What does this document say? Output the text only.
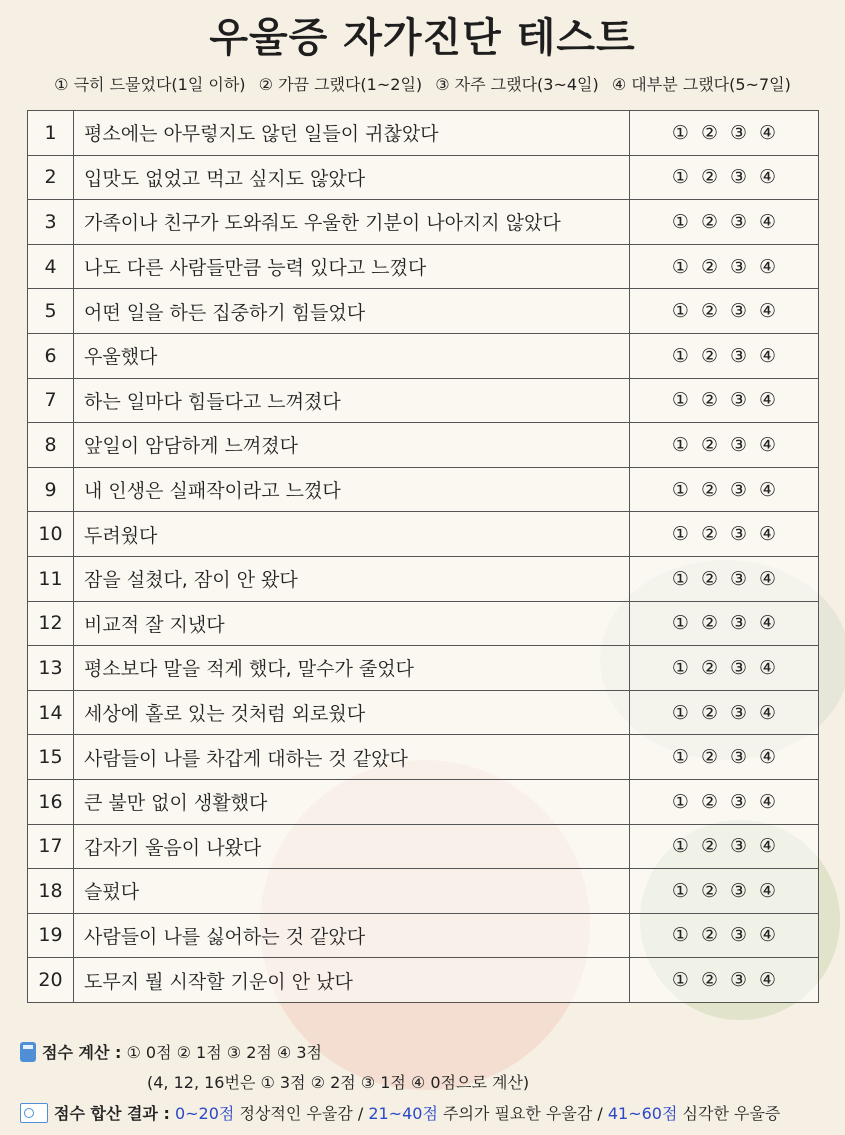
우울증 자가진단 테스트
① 극히 드물었다(1일 이하) ② 가끔 그랬다(1~2일) ③ 자주 그랬다(3~4일) ④ 대부분 그랬다(5~7일)
1	평소에는 아무렇지도 않던 일들이 귀찮았다	① ② ③ ④
2	입맛도 없었고 먹고 싶지도 않았다	① ② ③ ④
3	가족이나 친구가 도와줘도 우울한 기분이 나아지지 않았다	① ② ③ ④
4	나도 다른 사람들만큼 능력 있다고 느꼈다	① ② ③ ④
5	어떤 일을 하든 집중하기 힘들었다	① ② ③ ④
6	우울했다	① ② ③ ④
7	하는 일마다 힘들다고 느껴졌다	① ② ③ ④
8	앞일이 암담하게 느껴졌다	① ② ③ ④
9	내 인생은 실패작이라고 느꼈다	① ② ③ ④
10	두려웠다	① ② ③ ④
11	잠을 설쳤다, 잠이 안 왔다	① ② ③ ④
12	비교적 잘 지냈다	① ② ③ ④
13	평소보다 말을 적게 했다, 말수가 줄었다	① ② ③ ④
14	세상에 홀로 있는 것처럼 외로웠다	① ② ③ ④
15	사람들이 나를 차갑게 대하는 것 같았다	① ② ③ ④
16	큰 불만 없이 생활했다	① ② ③ ④
17	갑자기 울음이 나왔다	① ② ③ ④
18	슬펐다	① ② ③ ④
19	사람들이 나를 싫어하는 것 같았다	① ② ③ ④
20	도무지 뭘 시작할 기운이 안 났다	① ② ③ ④
점수 계산 : ① 0점 ② 1점 ③ 2점 ④ 3점
(4, 12, 16번은 ① 3점 ② 2점 ③ 1점 ④ 0점으로 계산)
점수 합산 결과 : 0~20점 정상적인 우울감 / 21~40점 주의가 필요한 우울감 / 41~60점 심각한 우울증
